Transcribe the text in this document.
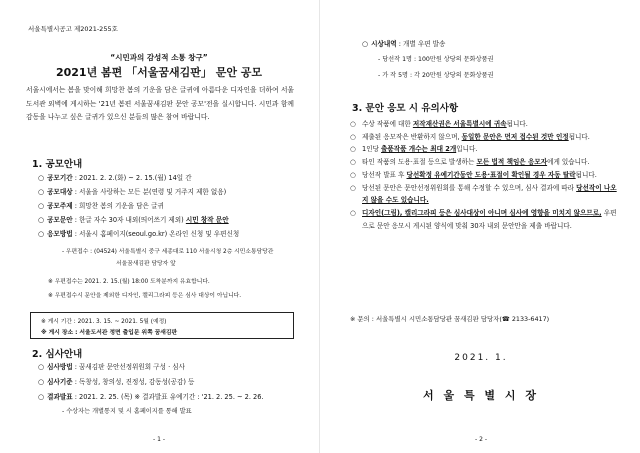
서울특별시공고 제2021-255호
“시민과의 감성적 소통 창구”
2021년 봄편 「서울꿈새김판」 문안 공모
서울시에서는 봄을 맞이해 희망찬 봄의 기운을 담은 글귀에 아름다운 디자인을 더하여 서울도서관 외벽에 게시하는 '21년 봄편 서울꿈새김판 문안 공모'전을 실시합니다. 시민과 함께 감동을 나누고 싶은 글귀가 있으신 분들의 많은 참여 바랍니다.
1. 공모안내
○ 공모기간 : 2021. 2. 2.(화) ~ 2. 15.(월) 14일 간
○ 공모대상 : 서울을 사랑하는 모든 분(연령 및 거주지 제한 없음)
○ 공모주제 : 희망찬 봄의 기운을 담은 글귀
○ 공모문안 : 한글 자수 30자 내외(띄어쓰기 제외) 시민 창작 문안
○ 응모방법 : 서울시 홈페이지(seoul.go.kr) 온라인 신청 및 우편신청
- 우편접수 : (04524) 서울특별시 중구 세종대로 110 서울시청 2층 시민소통담당관
서울꿈새김판 담당자 앞
※ 우편접수는 2021. 2. 15.(월) 18:00 도착분까지 유효합니다.
※ 우편접수시 문안을 제외한 디자인, 캘리그라피 등은 심사 대상이 아닙니다.
※ 게시 기간 : 2021. 3. 15. ~ 2021. 5월 (예정)
※ 게시 장소 : 서울도서관 정면 출입문 위쪽 꿈새김판
2. 심사안내
○ 심사방법 : 꿈새김판 문안선정위원회 구성 · 심사
○ 심사기준 : 독창성, 창의성, 진정성, 감동성(공감) 등
○ 결과발표 : 2021. 2. 25. (목) ※ 결과발표 유예기간 : '21. 2. 25. ~ 2. 26.
- 수상자는 개별통지 및 시 홈페이지를 통해 발표
- 1 -
○ 시상내역 : 개별 우편 발송
- 당선작 1명 : 100만원 상당의 문화상품권
- 가 작 5명 : 각 20만원 상당의 문화상품권
3. 문안 응모 시 유의사항
○ 수상 작품에 대한 저작재산권은 서울특별시에 귀속됩니다.
○ 제출된 응모작은 반환하지 않으며, 동일한 문안은 먼저 접수된 것만 인정됩니다.
○ 1인당 출품작품 개수는 최대 2개입니다.
○ 타인 작품의 도용·표절 등으로 발생하는 모든 법적 책임은 응모자에게 있습니다.
○ 당선작 발표 후 당선확정 유예기간동안 도용·표절이 확인될 경우 자동 탈락됩니다.
○ 당선된 문안은 문안선정위원회를 통해 수정할 수 있으며, 심사 결과에 따라 당선작이 나오지 않을 수도 있습니다.
○ 디자인(그림), 캘리그라피 등은 심사대상이 아니며 심사에 영향을 미치지 않으므로, 우편으로 문안 응모시 게시된 양식에 맞춰 30자 내외 문안만을 제출 바랍니다.
※ 문의 : 서울특별시 시민소통담당관 꿈새김판 담당자(☎ 2133-6417)
2021. 1.
서 울 특 별 시 장
- 2 -
